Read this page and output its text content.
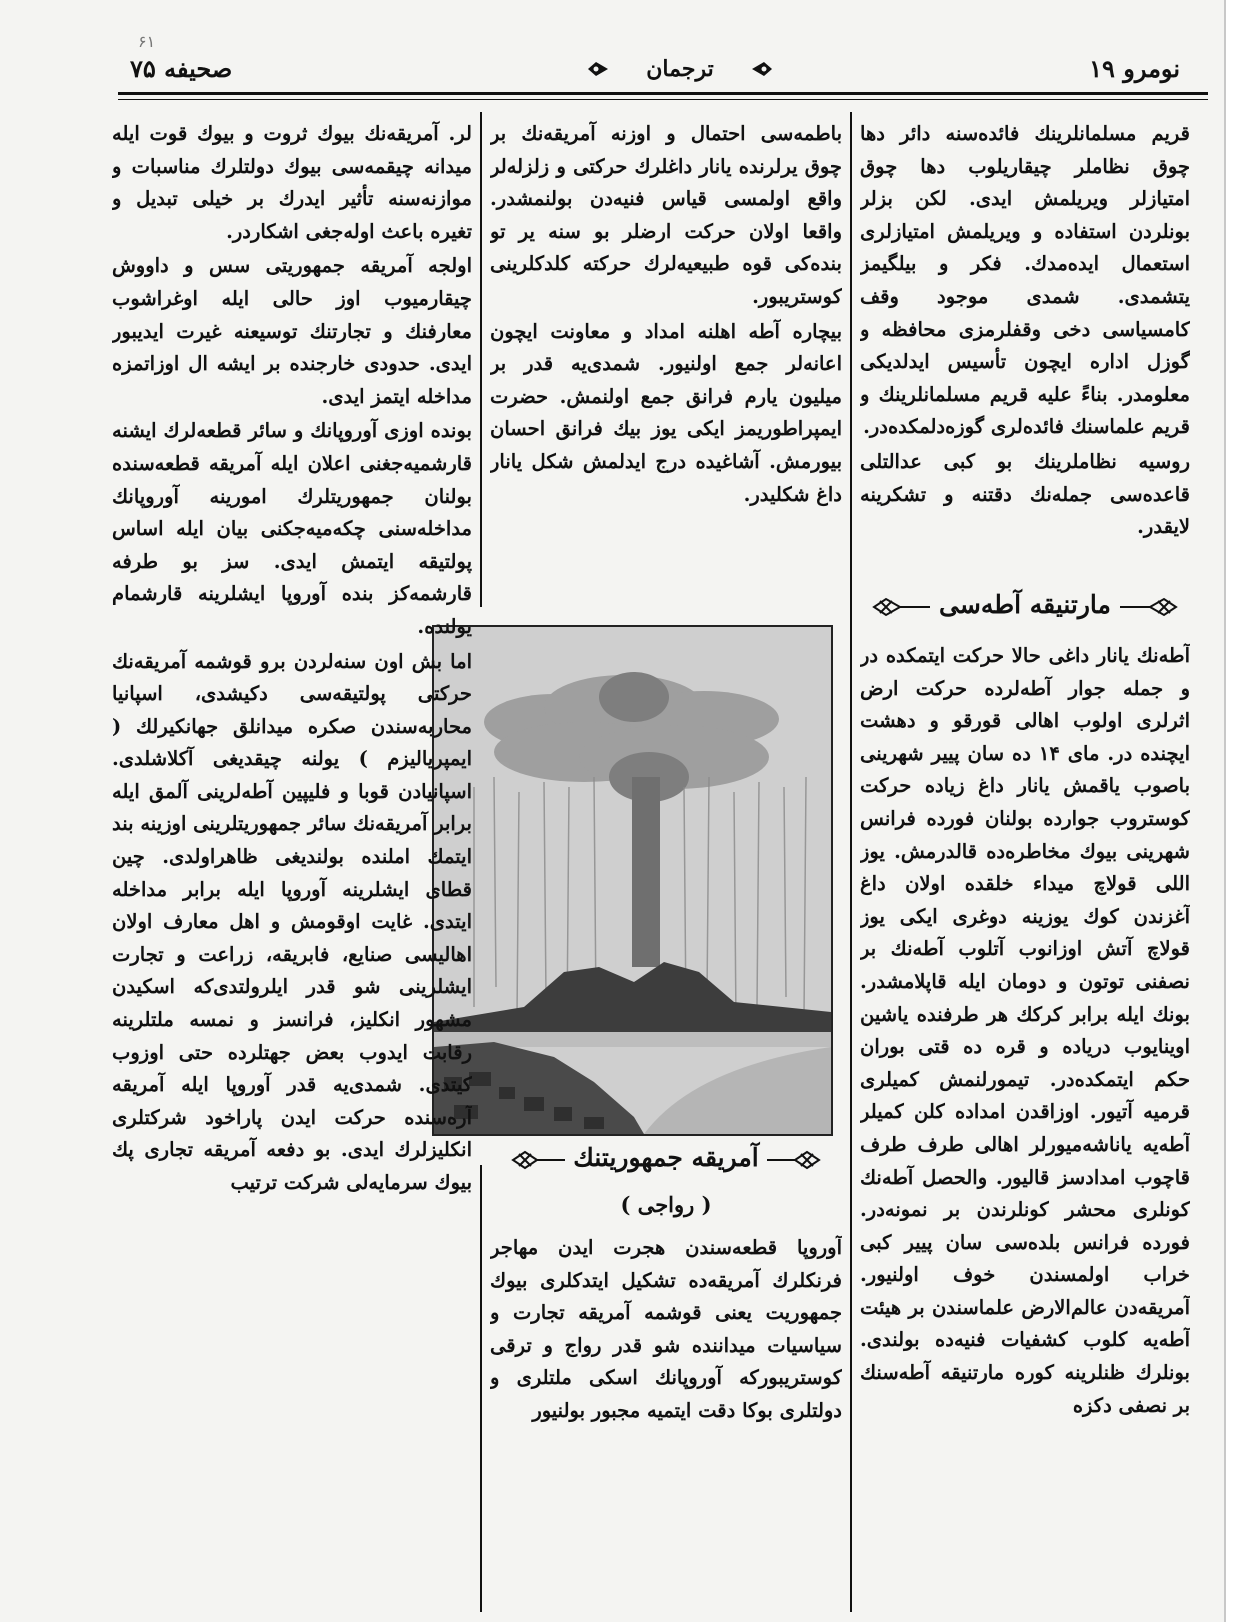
۶۱
صحیفه ۷۵	ترجمان	نومرو ۱۹

قریم مسلمانلرینك فائده‌سنه دائر دها چوق نظاملر چیقاریلوب دها چوق امتیازلر ویریلمش ایدی. لکن بزلر بونلردن استفاده و ویریلمش امتیازلری استعمال ایده‌مدك. فکر و بیلگیمز یتشمدی. شمدی موجود وقف کامسیاسی دخی وقفلرمزی محافظه و گوزل اداره ایچون تأسیس ایدلدیکی معلومدر. بناءً علیه قریم مسلمانلرینك و قریم علماسنك فائده‌لری گوزه‌دلمکده‌در.

روسیه نظاملرینك بو کبی عدالتلی قاعده‌سی جمله‌نك دقتنه و تشکرینه لایقدر.

مارتنیقه آطه‌سی

آطه‌نك یانار داغی حالا حرکت ایتمکده در و جمله جوار آطه‌لرده حرکت ارض اثرلری اولوب اهالی قورقو و دهشت ایچنده در. مای ۱۴ ده سان پییر شهرینی باصوب یاقمش یانار داغ زیاده حرکت کوستروب جوارده بولنان فورده فرانس شهرینی بیوك مخاطره‌ده قالدرمش. یوز اللی قولاچ میداء خلقده اولان داغ آغزندن کوك یوزینه دوغری ایکی یوز قولاچ آتش اوزانوب آتلوب آطه‌نك بر نصفنی توتون و دومان ایله قاپلامشدر. بونك ایله برابر کرکك هر طرفنده یاشین اوینایوب دریاده و قره ده قتی بوران حکم ایتمکده‌در. تیمورلنمش کمیلری قرمیه آتیور. اوزاقدن امداده کلن کمیلر آطه‌یه یاناشه‌میورلر اهالی طرف طرف قاچوب امدادسز قالیور. والحصل آطه‌نك کونلری محشر کونلرندن بر نمونه‌در. فورده فرانس بلده‌سی سان پییر کبی خراب اولمسندن خوف اولنیور. آمریقه‌دن عالم‌الارض علماسندن بر هیئت آطه‌یه کلوب کشفیات فنیه‌ده بولندی. بونلرك ظنلرینه کوره مارتنیقه آطه‌سنك بر نصفی دکزه

باطمه‌سی احتمال و اوزنه آمریقه‌نك بر چوق یرلرنده یانار داغلرك حرکتی و زلزله‌لر واقع اولمسی قیاس فنیه‌دن بولنمشدر. واقعا اولان حرکت ارضلر بو سنه یر تو بنده‌کی قوه طبیعیه‌لرك حرکته کلدکلرینی کوستریبور.

بیچاره آطه اهلنه امداد و معاونت ایچون اعانه‌لر جمع اولنیور. شمدی‌یه قدر بر میلیون یارم فرانق جمع اولنمش. حضرت ایمپراطوریمز ایکی یوز بیك فرانق احسان بیورمش. آشاغیده درج ایدلمش شکل یانار داغ شکلیدر.

آمریقه جمهوریتنك
( رواجی )

آوروپا قطعه‌سندن هجرت ایدن مهاجر فرنکلرك آمریقه‌ده تشکیل ایتدکلری بیوك جمهوریت یعنی قوشمه آمریقه تجارت و سیاسیات میداننده شو قدر رواج و ترقی کوستریبورکه آوروپانك اسکی ملتلری و دولتلری بوکا دقت ایتمیه مجبور بولنیور

لر. آمریقه‌نك بیوك ثروت و بیوك قوت ایله میدانه چیقمه‌سی بیوك دولتلرك مناسبات و موازنه‌سنه تأثیر ایدرك بر خیلی تبدیل و تغیره باعث اوله‌جغی اشکاردر.

اولجه آمریقه جمهوریتی سس و داووش چیقارمیوب اوز حالی ایله اوغراشوب معارفنك و تجارتنك توسیعنه غیرت ایدیبور ایدی. حدودی خارجنده بر ایشه ال اوزاتمزه مداخله ایتمز ایدی.

بونده اوزی آوروپانك و سائر قطعه‌لرك ایشنه قارشمیه‌جغنی اعلان ایله آمریقه قطعه‌سنده بولنان جمهوریتلرك امورینه آوروپانك مداخله‌سنی چکه‌میه‌جکنی بیان ایله اساس پولتیقه ایتمش ایدی. سز بو طرفه قارشمه‌کز بنده آوروپا ایشلرینه قارشمام یولنده.

اما بش اون سنه‌لردن برو قوشمه آمریقه‌نك حرکتی پولتیقه‌سی دکیشدی، اسپانیا محاربه‌سندن صکره میدانلق جهانکیرلك ( ایمپریالیزم ) یولنه چیقدیغی آکلاشلدی. اسپانیادن قوبا و فلیپین آطه‌لرینی آلمق ایله برابر آمریقه‌نك سائر جمهوریتلرینی اوزینه بند ایتمك املنده بولندیغی ظاهراولدی. چین قطای ایشلرینه آوروپا ایله برابر مداخله ایتدی. غایت اوقومش و اهل معارف اولان اهالیسی صنایع، فابریقه، زراعت و تجارت ایشلرینی شو قدر ایلرولتدی‌که اسکیدن مشهور انکلیز، فرانسز و نمسه ملتلرینه رقابت ایدوب بعض جهتلرده حتی اوزوب کیتدی. شمدی‌یه قدر آوروپا ایله آمریقه آره‌سنده حرکت ایدن پاراخود شرکتلری انکلیزلرك ایدی. بو دفعه آمریقه تجاری پك بیوك سرمایه‌لی شرکت ترتیب
